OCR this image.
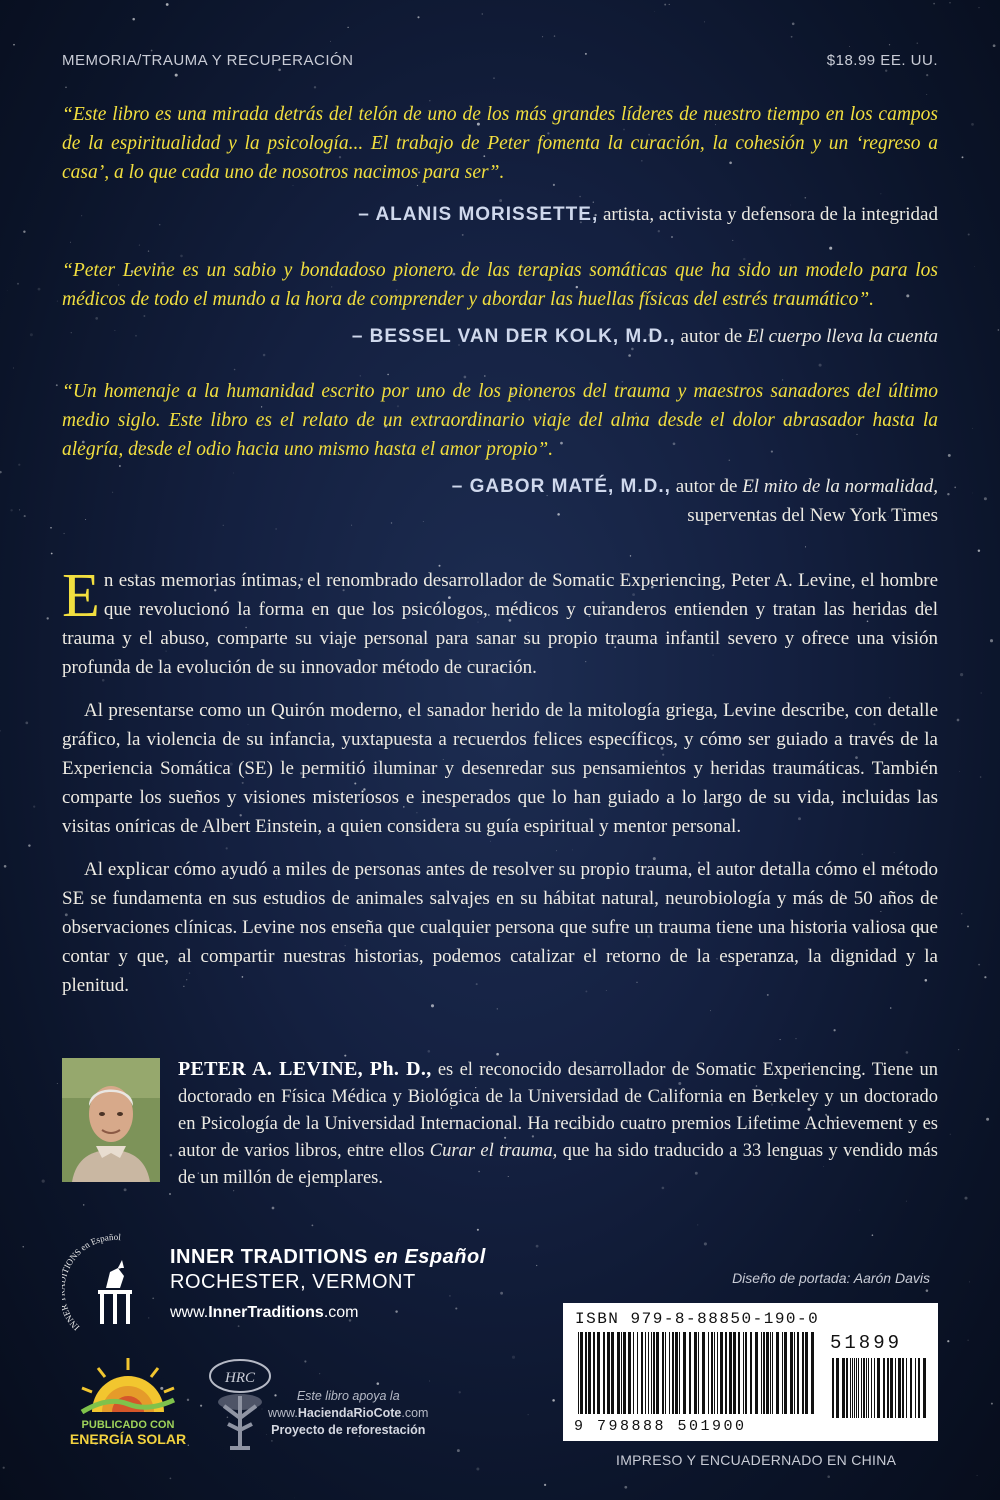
MEMORIA/TRAUMA Y RECUPERACIÓN	$18.99 EE. UU.

“Este libro es una mirada detrás del telón de uno de los más grandes líderes de nuestro tiempo en los campos de la espiritualidad y la psicología... El trabajo de Peter fomenta la curación, la cohesión y un ‘regreso a casa’, a lo que cada uno de nosotros nacimos para ser”.

– ALANIS MORISSETTE, artista, activista y defensora de la integridad

“Peter Levine es un sabio y bondadoso pionero de las terapias somáticas que ha sido un modelo para los médicos de todo el mundo a la hora de comprender y abordar las huellas físicas del estrés traumático”.

– BESSEL VAN DER KOLK, M.D., autor de El cuerpo lleva la cuenta

“Un homenaje a la humanidad escrito por uno de los pioneros del trauma y maestros sanadores del último medio siglo. Este libro es el relato de un extraordinario viaje del alma desde el dolor abrasador hasta la alegría, desde el odio hacia uno mismo hasta el amor propio”.

– GABOR MATÉ, M.D., autor de El mito de la normalidad,
superventas del New York Times

En estas memorias íntimas, el renombrado desarrollador de Somatic Experiencing, Peter A. Levine, el hombre que revolucionó la forma en que los psicólogos, médicos y curanderos entienden y tratan las heridas del trauma y el abuso, comparte su viaje personal para sanar su propio trauma infantil severo y ofrece una visión profunda de la evolución de su innovador método de curación.

Al presentarse como un Quirón moderno, el sanador herido de la mitología griega, Levine describe, con detalle gráfico, la violencia de su infancia, yuxtapuesta a recuerdos felices específicos, y cómo ser guiado a través de la Experiencia Somática (SE) le permitió iluminar y desenredar sus pensamientos y heridas traumáticas. También comparte los sueños y visiones misteriosos e inesperados que lo han guiado a lo largo de su vida, incluidas las visitas oníricas de Albert Einstein, a quien considera su guía espiritual y mentor personal.

Al explicar cómo ayudó a miles de personas antes de resolver su propio trauma, el autor detalla cómo el método SE se fundamenta en sus estudios de animales salvajes en su hábitat natural, neurobiología y más de 50 años de observaciones clínicas. Levine nos enseña que cualquier persona que sufre un trauma tiene una historia valiosa que contar y que, al compartir nuestras historias, podemos catalizar el retorno de la esperanza, la dignidad y la plenitud.

PETER A. LEVINE, Ph. D., es el reconocido desarrollador de Somatic Experiencing. Tiene un doctorado en Física Médica y Biológica de la Universidad de California en Berkeley y un doctorado en Psicología de la Universidad Internacional. Ha recibido cuatro premios Lifetime Achievement y es autor de varios libros, entre ellos Curar el trauma, que ha sido traducido a 33 lenguas y vendido más de un millón de ejemplares.

INN IONS en Español
INNER TRADITIONS en Español
ROCHESTER, VERMONT
www.InnerTraditions.com
Diseño de portada: Aarón Davis
ISBN 979-8-88850-190-0
9 798888 501900
51899
IMPRESO Y ENCUADERNADO EN CHINA
PUBLICADO CON
ENERGÍA SOLAR
HRC
Este libro apoya la
www.HaciendaRioCote.com
Proyecto de reforestación
